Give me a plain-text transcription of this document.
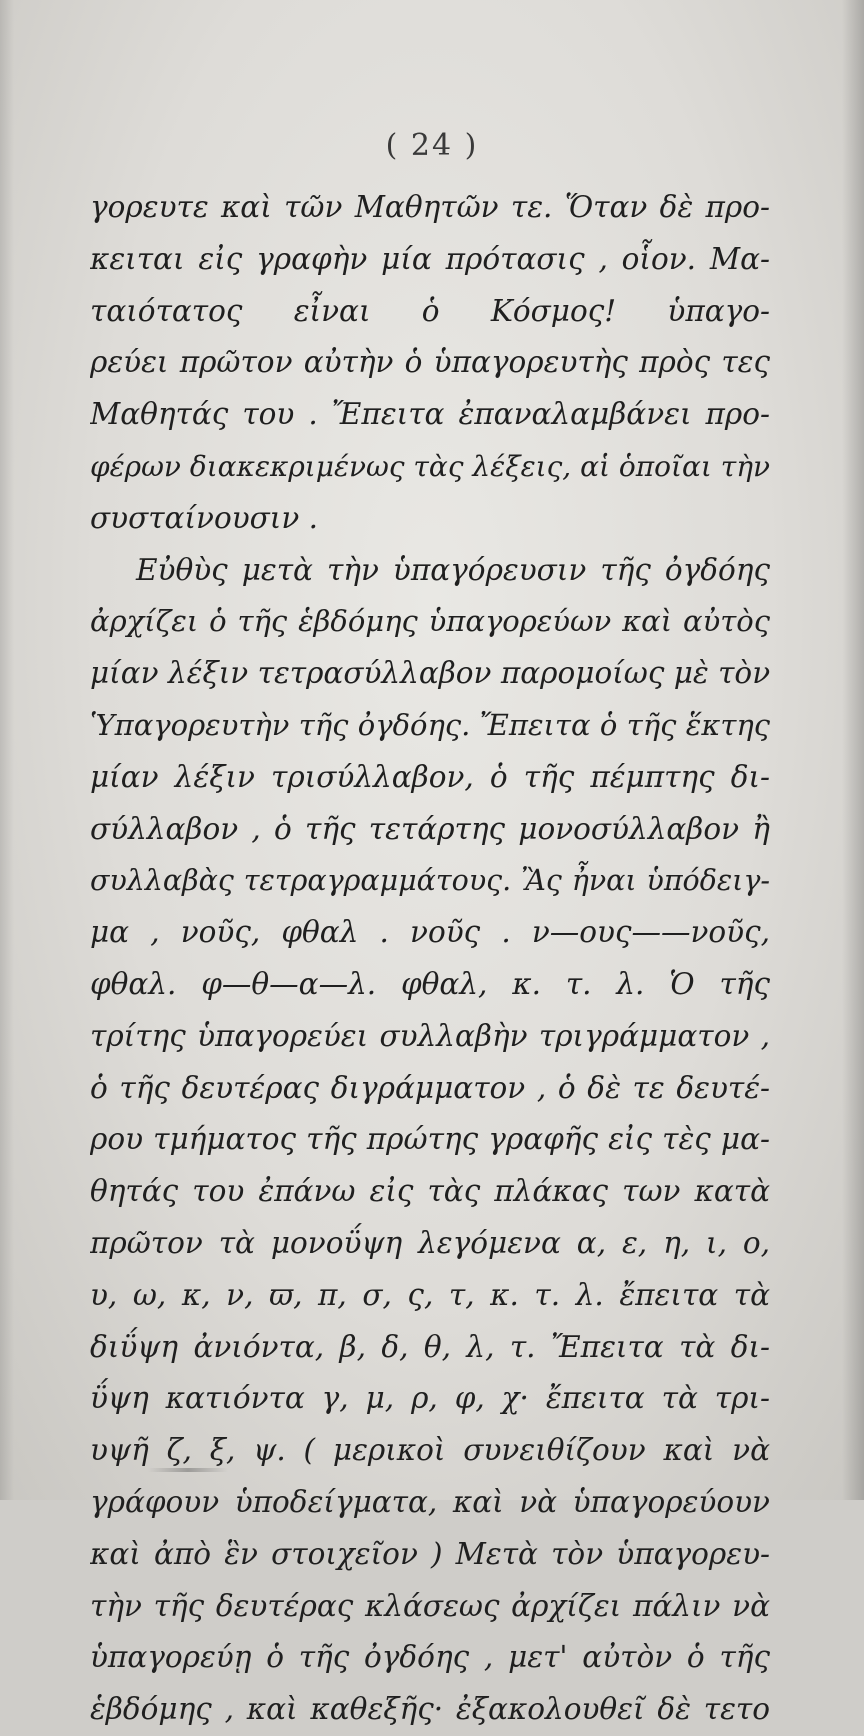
( 24 )
γορευτε καὶ τῶν Μαθητῶν τε. Ὅταν δὲ προ-
κειται εἰς γραφὴν μία πρότασις , οἷον. Μα-
ταιότατος εἶναι ὁ Κόσμος! ὑπαγο-
ρεύει πρῶτον αὐτὴν ὁ ὑπαγορευτὴς πρὸς τες
Μαθητάς του . Ἔπειτα ἐπαναλαμβάνει προ-
φέρων διακεκριμένως τὰς λέξεις, αἱ ὁποῖαι τὴν
συσταίνουσιν .
Εὐθὺς μετὰ τὴν ὑπαγόρευσιν τῆς ὀγδόης
ἀρχίζει ὁ τῆς ἑβδόμης ὑπαγορεύων καὶ αὐτὸς
μίαν λέξιν τετρασύλλαβον παρομοίως μὲ τὸν
Ὑπαγορευτὴν τῆς ὀγδόης. Ἔπειτα ὁ τῆς ἕκτης
μίαν λέξιν τρισύλλαβον, ὁ τῆς πέμπτης δι-
σύλλαβον , ὁ τῆς τετάρτης μονοσύλλαβον ἢ
συλλαβὰς τετραγραμμάτους. Ἂς ἦναι ὑπόδειγ-
μα , νοῦς, φθαλ . νοῦς . ν—ους——νοῦς,
φθαλ. φ—θ—α—λ. φθαλ, κ. τ. λ. Ὁ τῆς
τρίτης ὑπαγορεύει συλλαβὴν τριγράμματον ,
ὁ τῆς δευτέρας διγράμματον , ὁ δὲ τε δευτέ-
ρου τμήματος τῆς πρώτης γραφῆς εἰς τὲς μα-
θητάς του ἐπάνω εἰς τὰς πλάκας των κατὰ
πρῶτον τὰ μονοΰψη λεγόμενα α, ε, η, ι, ο,
υ, ω, κ, ν, ϖ, π, σ, ς, τ, κ. τ. λ. ἔπειτα τὰ
διΰψη ἀνιόντα, β, δ, θ, λ, τ. Ἔπειτα τὰ δι-
ΰψη κατιόντα γ, μ, ρ, φ, χ· ἔπειτα τὰ τρι-
υψῆ ζ, ξ, ψ. ( μερικοὶ συνειθίζουν καὶ νὰ
γράφουν ὑποδείγματα, καὶ νὰ ὑπαγορεύουν
καὶ ἀπὸ ἓν στοιχεῖον ) Μετὰ τὸν ὑπαγορευ-
τὴν τῆς δευτέρας κλάσεως ἀρχίζει πάλιν νὰ
ὑπαγορεύῃ ὁ τῆς ὀγδόης , μετ' αὐτὸν ὁ τῆς
ἑβδόμης , καὶ καθεξῆς· ἐξακολουθεῖ δὲ τετο
